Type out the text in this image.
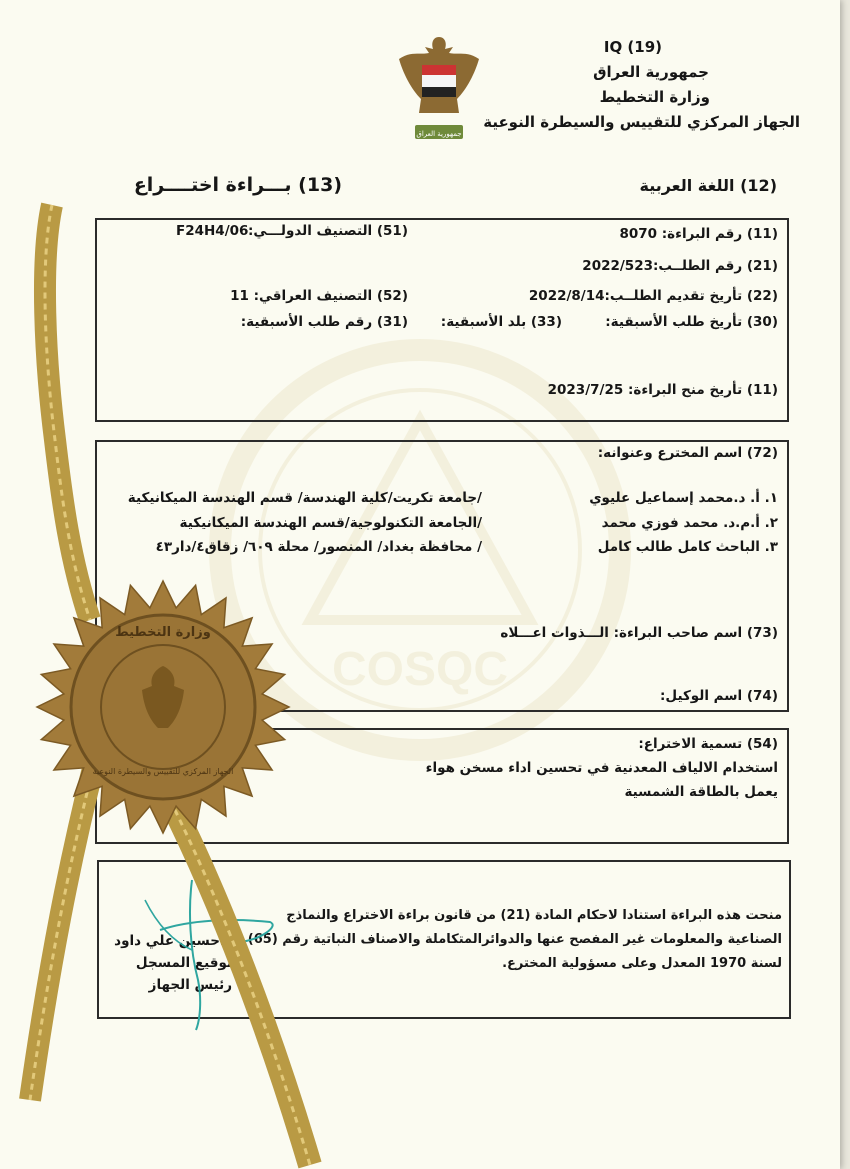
COSQC
جمهورية العراق
IQ (19)
جمهورية العراق
وزارة التخطيط
الجهاز المركزي للتقييس والسيطرة النوعية
(12) اللغة العربية
(13) بـــراءة اختــــراع
(11) رقم البراءة: 8070
(51) التصنيف الدولـــي:
F24H4/06
(21) رقم الطلــب:2022/523
(22) تأريخ تقديم الطلــب:2022/8/14
(52) التصنيف العراقي: 11
(30) تأريخ طلب الأسبقية:
(33) بلد الأسبقية:
(31) رقم طلب الأسبقية:
(11) تأريخ منح البراءة: 2023/7/25
(72) اسم المخترع وعنوانه:
١. أ. د.محمد إسماعيل عليوي
/جامعة تكريت/كلية الهندسة/ قسم الهندسة الميكانيكية
٢. أ.م.د. محمد فوزي محمد
/الجامعة التكنولوجية/قسم الهندسة الميكانيكية
٣. الباحث كامل طالب كامل
/ محافظة بغداد/ المنصور/ محلة ٦٠٩/ زقاق٤/دار٤٣
(73) اسم صاحب البراءة: الـــذوات اعـــلاه
(74) اسم الوكيل:
(54) تسمية الاختراع:
استخدام الالياف المعدنية في تحسين اداء مسخن هواء
يعمل بالطاقة الشمسية
منحت هذه البراءة استنادا لاحكام المادة (21) من قانون براءة الاختراع والنماذج
الصناعية والمعلومات غير المفصح عنها والدوائرالمتكاملة والاصناف النباتية رقم (65)
لسنة 1970 المعدل وعلى مسؤولية المخترع.
د.حسين علي داود
توقيع المسجل
رئيس الجهاز
وزارة التخطيط
الجهاز المركزي للتقييس والسيطرة النوعية
